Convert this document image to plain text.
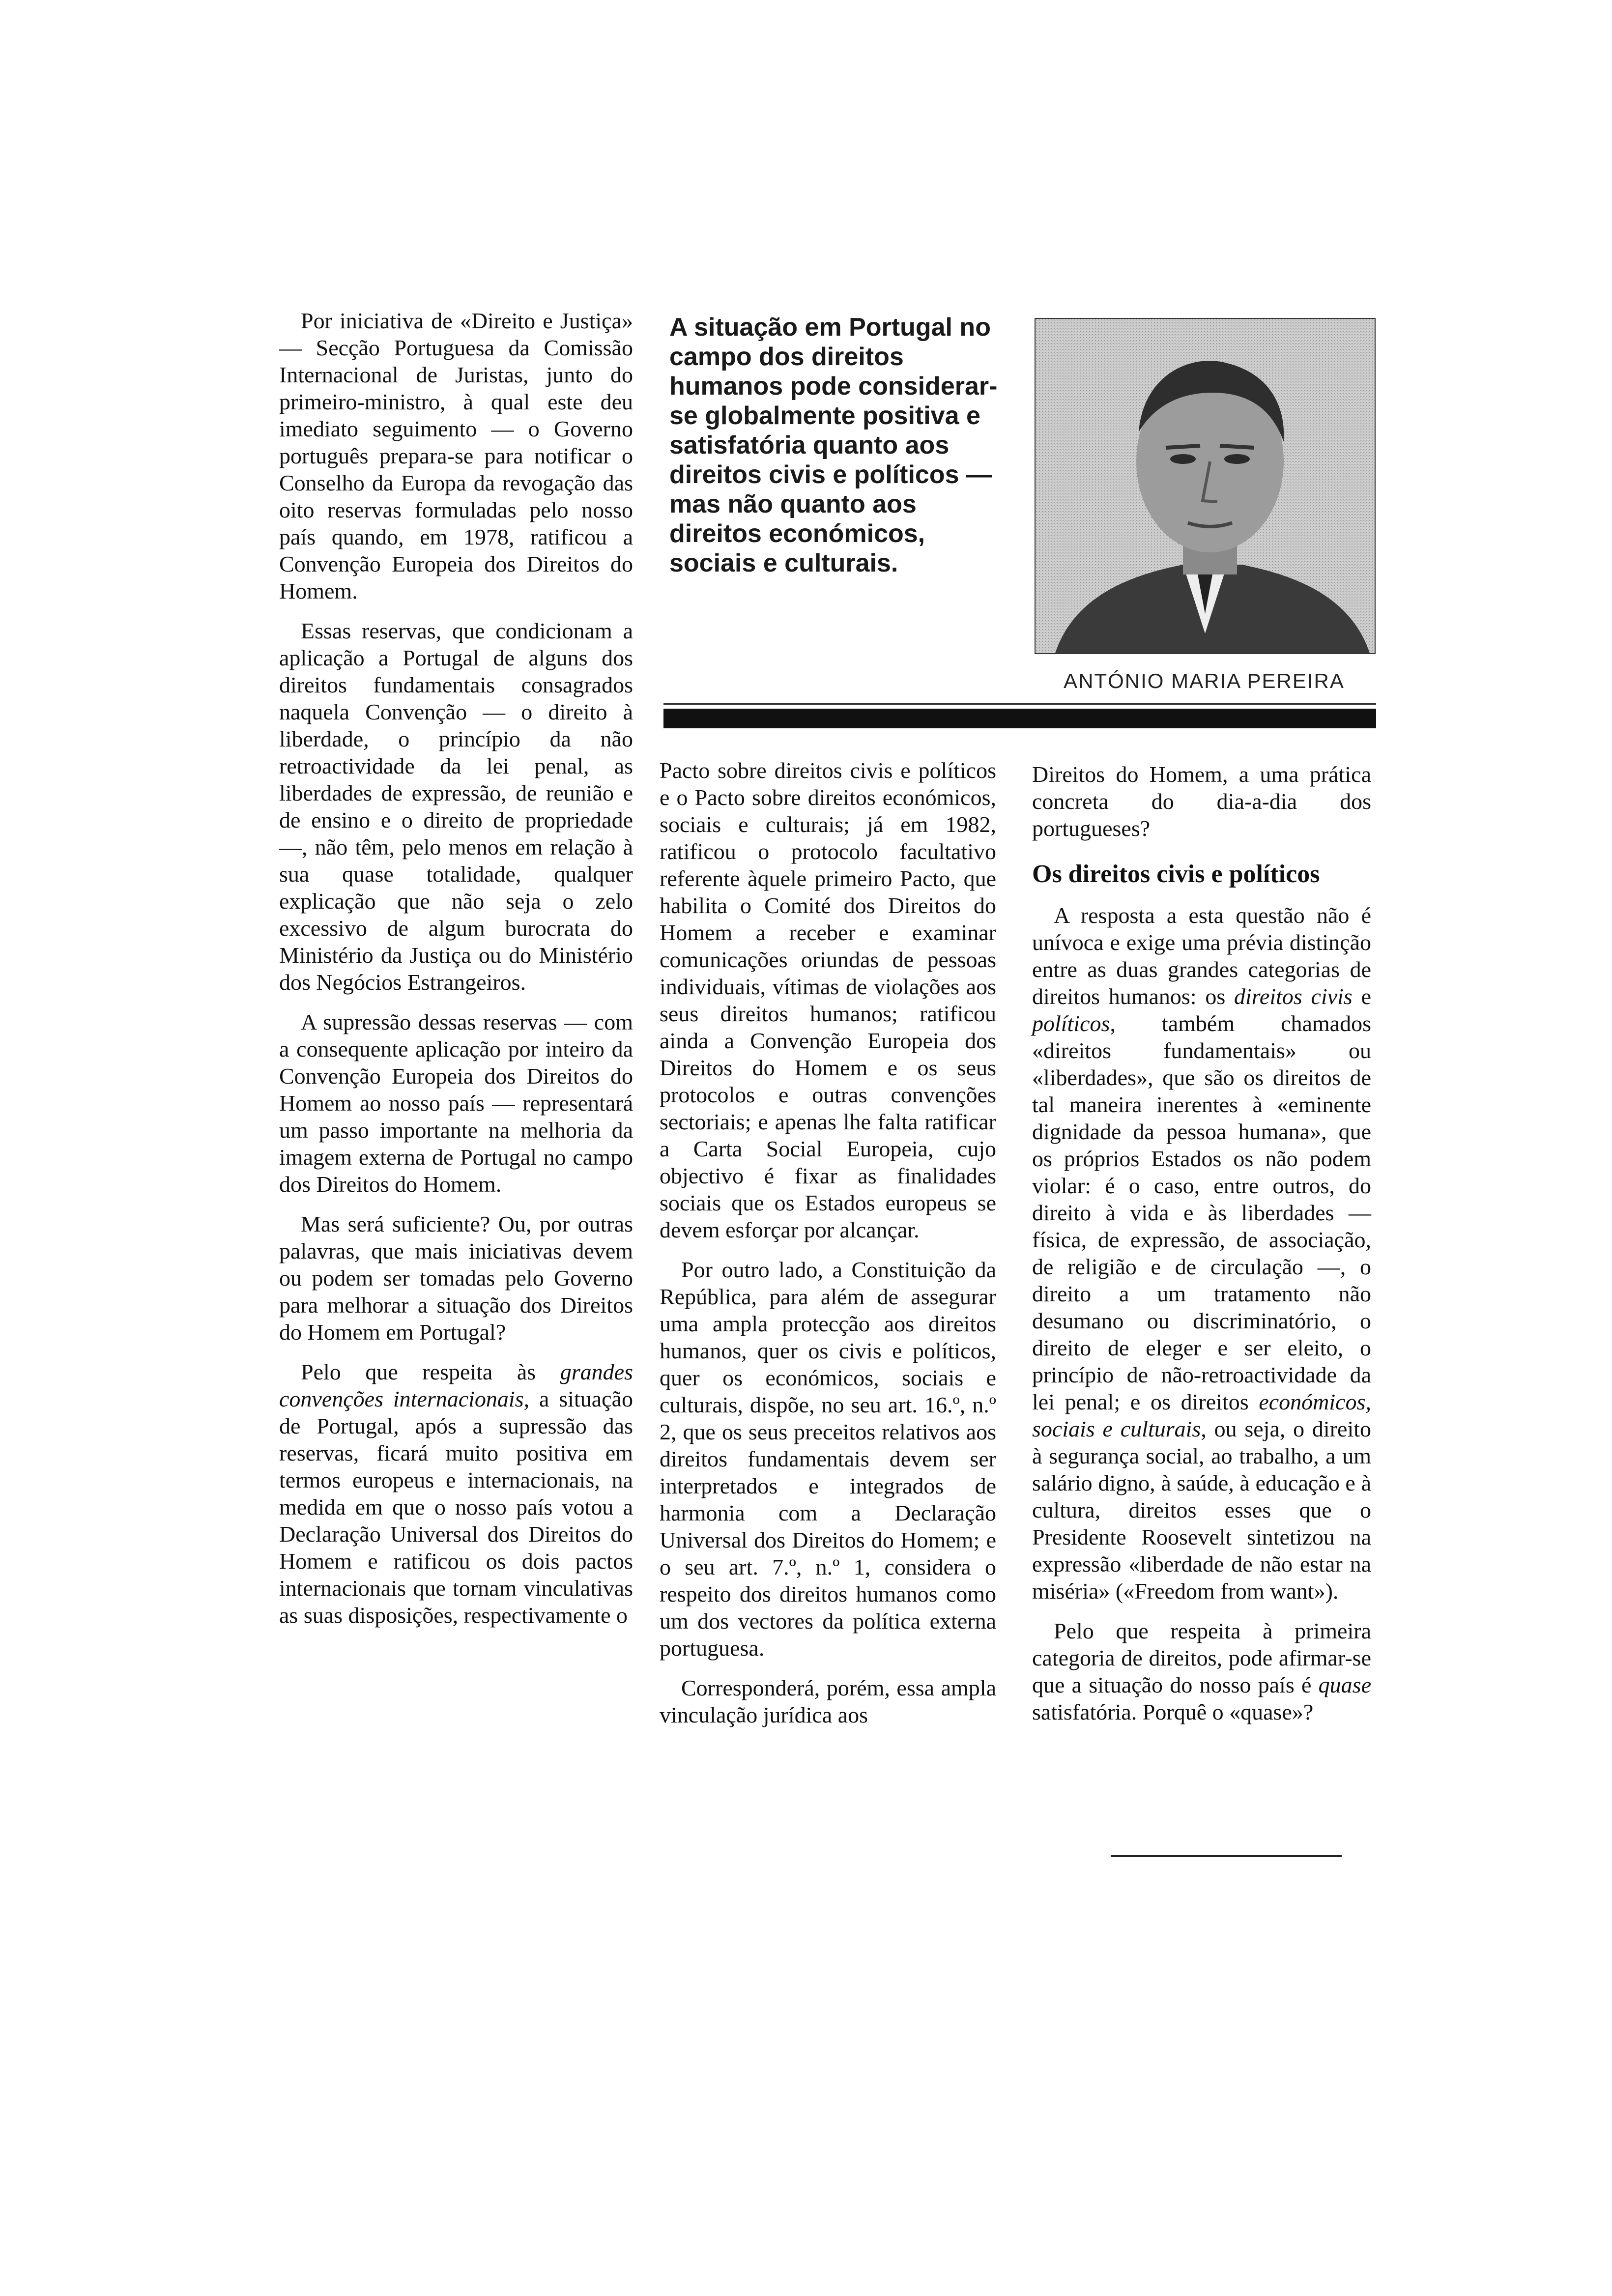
Por iniciativa de «Direito e Justiça» — Secção Portuguesa da Comissão Internacional de Juristas, junto do primeiro-ministro, à qual este deu imediato seguimento — o Governo português prepara-se para notificar o Conselho da Europa da revogação das oito reservas formuladas pelo nosso país quando, em 1978, ratificou a Convenção Europeia dos Direitos do Homem.

Essas reservas, que condicionam a aplicação a Portugal de alguns dos direitos fundamentais consagrados naquela Convenção — o direito à liberdade, o princípio da não retroactividade da lei penal, as liberdades de expressão, de reunião e de ensino e o direito de propriedade —, não têm, pelo menos em relação à sua quase totalidade, qualquer explicação que não seja o zelo excessivo de algum burocrata do Ministério da Justiça ou do Ministério dos Negócios Estrangeiros.

A supressão dessas reservas — com a consequente aplicação por inteiro da Convenção Europeia dos Direitos do Homem ao nosso país — representará um passo importante na melhoria da imagem externa de Portugal no campo dos Direitos do Homem.

Mas será suficiente? Ou, por outras palavras, que mais iniciativas devem ou podem ser tomadas pelo Governo para melhorar a situação dos Direitos do Homem em Portugal?

Pelo que respeita às grandes convenções internacionais, a situação de Portugal, após a supressão das reservas, ficará muito positiva em termos europeus e internacionais, na medida em que o nosso país votou a Declaração Universal dos Direitos do Homem e ratificou os dois pactos internacionais que tornam vinculativas as suas disposições, respectivamente o

A situação em Portugal no campo dos direitos humanos pode considerar-se globalmente positiva e satisfatória quanto aos direitos civis e políticos — mas não quanto aos direitos económicos, sociais e culturais.
ANTÓNIO MARIA PEREIRA

Pacto sobre direitos civis e políticos e o Pacto sobre direitos económicos, sociais e culturais; já em 1982, ratificou o protocolo facultativo referente àquele primeiro Pacto, que habilita o Comité dos Direitos do Homem a receber e examinar comunicações oriundas de pessoas individuais, vítimas de violações aos seus direitos humanos; ratificou ainda a Convenção Europeia dos Direitos do Homem e os seus protocolos e outras convenções sectoriais; e apenas lhe falta ratificar a Carta Social Europeia, cujo objectivo é fixar as finalidades sociais que os Estados europeus se devem esforçar por alcançar.

Por outro lado, a Constituição da República, para além de assegurar uma ampla protecção aos direitos humanos, quer os civis e políticos, quer os económicos, sociais e culturais, dispõe, no seu art. 16.º, n.º 2, que os seus preceitos relativos aos direitos fundamentais devem ser interpretados e integrados de harmonia com a Declaração Universal dos Direitos do Homem; e o seu art. 7.º, n.º 1, considera o respeito dos direitos humanos como um dos vectores da política externa portuguesa.

Corresponderá, porém, essa ampla vinculação jurídica aos

Direitos do Homem, a uma prática concreta do dia-a-dia dos portugueses?

Os direitos civis e políticos

A resposta a esta questão não é unívoca e exige uma prévia distinção entre as duas grandes categorias de direitos humanos: os direitos civis e políticos, também chamados «direitos fundamentais» ou «liberdades», que são os direitos de tal maneira inerentes à «eminente dignidade da pessoa humana», que os próprios Estados os não podem violar: é o caso, entre outros, do direito à vida e às liberdades — física, de expressão, de associação, de religião e de circulação —, o direito a um tratamento não desumano ou discriminatório, o direito de eleger e ser eleito, o princípio de não-retroactividade da lei penal; e os direitos económicos, sociais e culturais, ou seja, o direito à segurança social, ao trabalho, a um salário digno, à saúde, à educação e à cultura, direitos esses que o Presidente Roosevelt sintetizou na expressão «liberdade de não estar na miséria» («Freedom from want»).

Pelo que respeita à primeira categoria de direitos, pode afirmar-se que a situação do nosso país é quase satisfatória. Porquê o «quase»?
